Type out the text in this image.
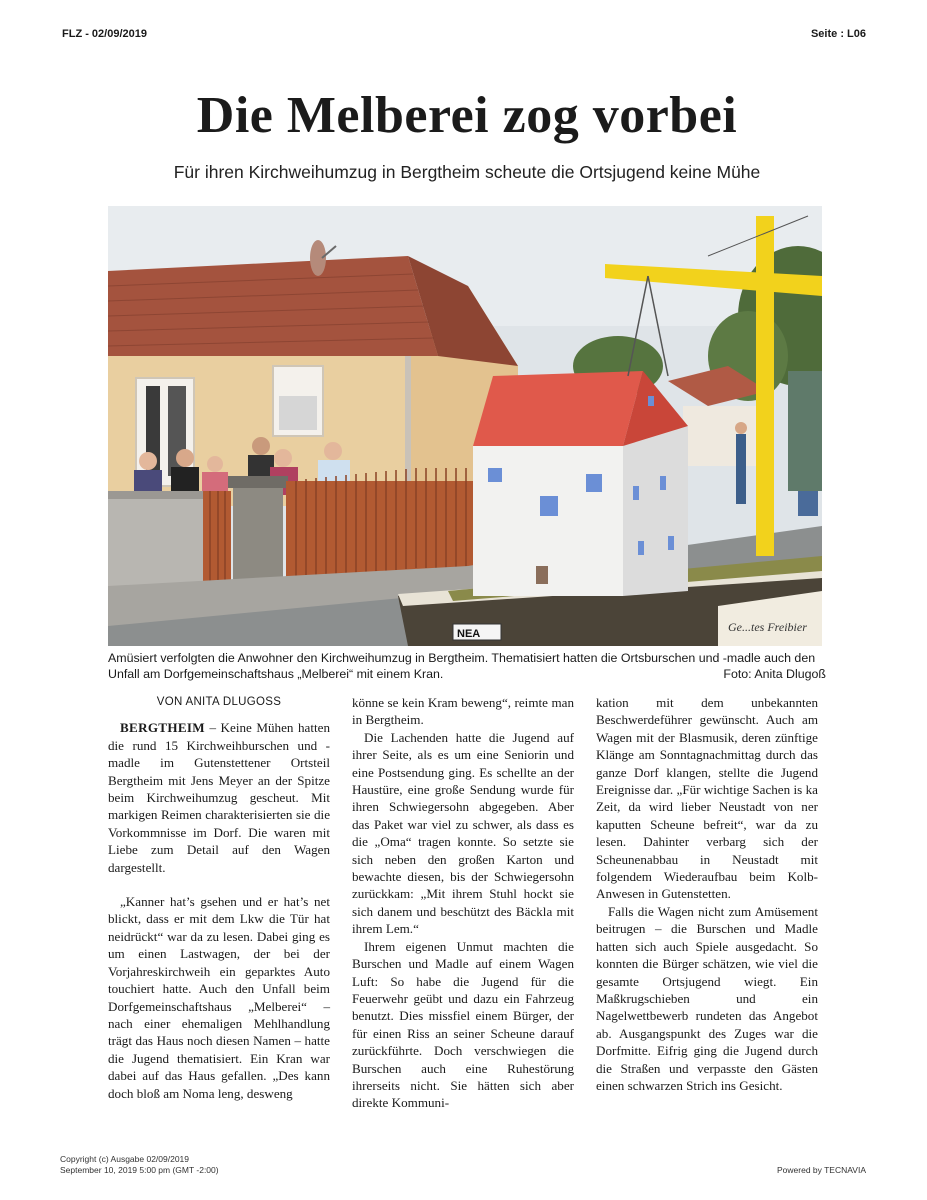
FLZ - 02/09/2019	Seite : L06
Die Melberei zog vorbei
Für ihren Kirchweihumzug in Bergtheim scheute die Ortsjugend keine Mühe
Ge...tes Freibier
NEA
Amüsiert verfolgten die Anwohner den Kirchweihumzug in Bergtheim. Thematisiert hatten die Ortsburschen und -madle auch den Unfall am Dorfgemeinschaftshaus „Melberei“ mit einem Kran.	Foto: Anita Dlugoß
VON ANITA DLUGOSS

BERGTHEIM – Keine Mühen hatten die rund 15 Kirchweihburschen und -madle im Gutenstettener Ortsteil Bergtheim mit Jens Meyer an der Spitze beim Kirchweihumzug gescheut. Mit markigen Reimen charakterisierten sie die Vorkommnisse im Dorf. Die waren mit Liebe zum Detail auf den Wagen dargestellt.

„Kanner hat’s gsehen und er hat’s net blickt, dass er mit dem Lkw die Tür hat neidrückt“ war da zu lesen. Dabei ging es um einen Lastwagen, der bei der Vorjahreskirchweih ein geparktes Auto touchiert hatte. Auch den Unfall beim Dorfgemeinschaftshaus „Melberei“ – nach einer ehemaligen Mehlhandlung trägt das Haus noch diesen Namen – hatte die Jugend thematisiert. Ein Kran war dabei auf das Haus gefallen. „Des kann doch bloß am Noma leng, desweng

könne se kein Kram beweng“, reimte man in Bergtheim.

Die Lachenden hatte die Jugend auf ihrer Seite, als es um eine Seniorin und eine Postsendung ging. Es schellte an der Haustüre, eine große Sendung wurde für ihren Schwiegersohn abgegeben. Aber das Paket war viel zu schwer, als dass es die „Oma“ tragen konnte. So setzte sie sich neben den großen Karton und bewachte diesen, bis der Schwiegersohn zurückkam: „Mit ihrem Stuhl hockt sie sich danem und beschützt des Bäckla mit ihrem Lem.“

Ihrem eigenen Unmut machten die Burschen und Madle auf einem Wagen Luft: So habe die Jugend für die Feuerwehr geübt und dazu ein Fahrzeug benutzt. Dies missfiel einem Bürger, der für einen Riss an seiner Scheune darauf zurückführte. Doch verschwiegen die Burschen auch eine Ruhestörung ihrerseits nicht. Sie hätten sich aber direkte Kommuni-

kation mit dem unbekannten Beschwerdeführer gewünscht. Auch am Wagen mit der Blasmusik, deren zünftige Klänge am Sonntagnachmittag durch das ganze Dorf klangen, stellte die Jugend Ereignisse dar. „Für wichtige Sachen is ka Zeit, da wird lieber Neustadt von ner kaputten Scheune befreit“, war da zu lesen. Dahinter verbarg sich der Scheunenabbau in Neustadt mit folgendem Wiederaufbau beim Kolb-Anwesen in Gutenstetten.

Falls die Wagen nicht zum Amüsement beitrugen – die Burschen und Madle hatten sich auch Spiele ausgedacht. So konnten die Bürger schätzen, wie viel die gesamte Ortsjugend wiegt. Ein Maßkrugschieben und ein Nagelwettbewerb rundeten das Angebot ab. Ausgangspunkt des Zuges war die Dorfmitte. Eifrig ging die Jugend durch die Straßen und verpasste den Gästen einen schwarzen Strich ins Gesicht.

Copyright (c) Ausgabe 02/09/2019
September 10, 2019 5:00 pm (GMT -2:00)	Powered by TECNAVIA
